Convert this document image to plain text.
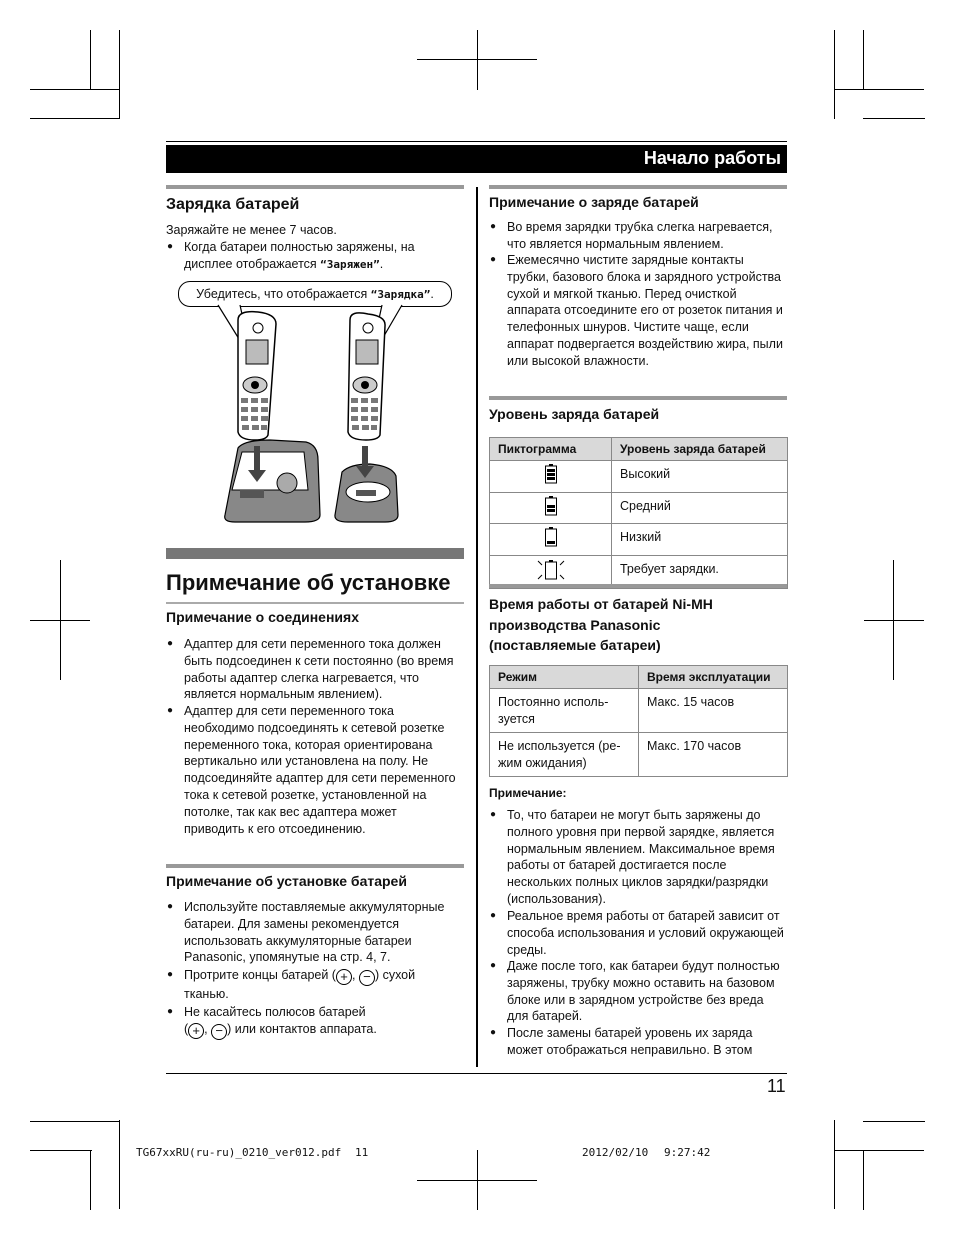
Начало работы
Зарядка батарей
Заряжайте не менее 7 часов.
● Когда батареи полностью заряжены, на дисплее отображается “Заряжен”.
Убедитесь, что отображается “Зарядка”.
Примечание об установке
Примечание о соединениях
● Адаптер для сети переменного тока должен быть подсоединен к сети постоянно (во время работы адаптер слегка нагревается, что является нормальным явлением).
● Адаптер для сети переменного тока необходимо подсоединять к сетевой розетке переменного тока, которая ориентирована вертикально или установлена на полу. Не подсоединяйте адаптер для сети переменного тока к сетевой розетке, установленной на потолке, так как вес адаптера может приводить к его отсоединению.
Примечание об установке батарей
● Используйте поставляемые аккумуляторные батареи. Для замены рекомендуется использовать аккумуляторные батареи Panasonic, упомянутые на стр. 4, 7.
● Протрите концы батарей ( + , − ) сухой тканью.
● Не касайтесь полюсов батарей
( + , − ) или контактов аппарата.
Примечание о заряде батарей
● Во время зарядки трубка слегка нагревается, что является нормальным явлением.
● Ежемесячно чистите зарядные контакты трубки, базового блока и зарядного устройства сухой и мягкой тканью. Перед очисткой аппарата отсоедините его от розеток питания и телефонных шнуров. Чистите чаще, если аппарат подвергается воздействию жира, пыли или высокой влажности.
Уровень заряда батарей
Пиктограмма	Уровень заряда батарей
	Высокий
	Средний
	Низкий
	Требует зарядки.
Время работы от батарей Ni-MH
производства Panasonic
(поставляемые батареи)
Режим	Время эксплуатации
Постоянно исполь-зуется	Макс. 15 часов
Не используется (ре-жим ожидания)	Макс. 170 часов
Примечание:
● То, что батареи не могут быть заряжены до полного уровня при первой зарядке, является нормальным явлением. Максимальное время работы от батарей достигается после нескольких полных циклов зарядки/разрядки (использования).
● Реальное время работы от батарей зависит от способа использования и условий окружающей среды.
● Даже после того, как батареи будут полностью заряжены, трубку можно оставить на базовом блоке или в зарядном устройстве без вреда для батарей.
● После замены батарей уровень их заряда может отображаться неправильно. В этом
11
TG67xxRU(ru-ru)_0210_ver012.pdf 11	2012/02/10 9:27:42
